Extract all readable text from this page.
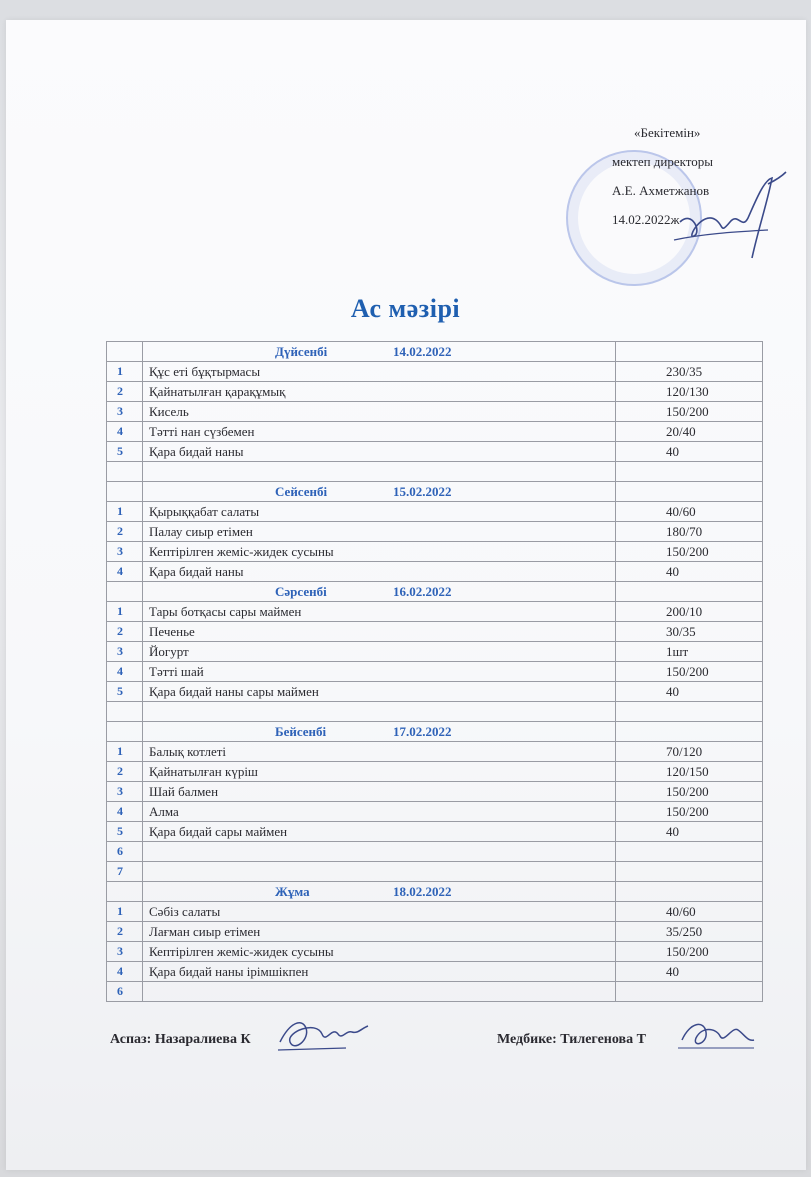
«Бекітемін»
мектеп директоры
А.Е. Ахметжанов
14.02.2022ж
Ас мәзірі
Дүйсенбі	14.02.2022
1	Құс еті бұқтырмасы	230/35
2	Қайнатылған қарақұмық	120/130
3	Кисель	150/200
4	Тәтті нан сүзбемен	20/40
5	Қара бидай наны	40
Сейсенбі	15.02.2022
1	Қырыққабат салаты	40/60
2	Палау сиыр етімен	180/70
3	Кептірілген жеміс-жидек сусыны	150/200
4	Қара бидай наны	40
Сәрсенбі	16.02.2022
1	Тары ботқасы сары маймен	200/10
2	Печенье	30/35
3	Йогурт	1шт
4	Тәтті шай	150/200
5	Қара бидай наны сары маймен	40
Бейсенбі	17.02.2022
1	Балық котлеті	70/120
2	Қайнатылған күріш	120/150
3	Шай балмен	150/200
4	Алма	150/200
5	Қара бидай сары маймен	40
6
7
Жұма	18.02.2022
1	Сәбіз салаты	40/60
2	Лағман сиыр етімен	35/250
3	Кептірілген жеміс-жидек сусыны	150/200
4	Қара бидай наны ірімшікпен	40
6
Аспаз: Назаралиева К	Медбике: Тилегенова Т
